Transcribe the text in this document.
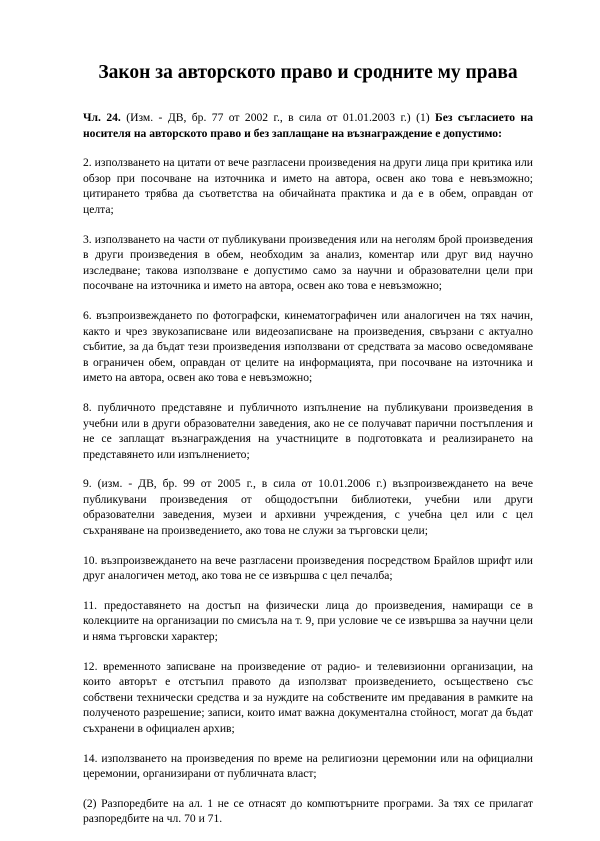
Закон за авторското право и сродните му права

Чл. 24. (Изм. - ДВ, бр. 77 от 2002 г., в сила от 01.01.2003 г.) (1) Без съгласието на носителя на авторското право и без заплащане на възнаграждение е допустимо:

2. използването на цитати от вече разгласени произведения на други лица при критика или обзор при посочване на източника и името на автора, освен ако това е невъзможно; цитирането трябва да съответства на обичайната практика и да е в обем, оправдан от целта;

3. използването на части от публикувани произведения или на неголям брой произведения в други произведения в обем, необходим за анализ, коментар или друг вид научно изследване; такова използване е допустимо само за научни и образователни цели при посочване на източника и името на автора, освен ако това е невъзможно;

6. възпроизвеждането по фотографски, кинематографичен или аналогичен на тях начин, както и чрез звукозаписване или видеозаписване на произведения, свързани с актуално събитие, за да бъдат тези произведения използвани от средствата за масово осведомяване в ограничен обем, оправдан от целите на информацията, при посочване на източника и името на автора, освен ако това е невъзможно;

8. публичното представяне и публичното изпълнение на публикувани произведения в учебни или в други образователни заведения, ако не се получават парични постъпления и не се заплащат възнаграждения на участниците в подготовката и реализирането на представянето или изпълнението;

9. (изм. - ДВ, бр. 99 от 2005 г., в сила от 10.01.2006 г.) възпроизвеждането на вече публикувани произведения от общодостъпни библиотеки, учебни или други образователни заведения, музеи и архивни учреждения, с учебна цел или с цел съхраняване на произведението, ако това не служи за търговски цели;

10. възпроизвеждането на вече разгласени произведения посредством Брайлов шрифт или друг аналогичен метод, ако това не се извършва с цел печалба;

11. предоставянето на достъп на физически лица до произведения, намиращи се в колекциите на организации по смисъла на т. 9, при условие че се извършва за научни цели и няма търговски характер;

12. временното записване на произведение от радио- и телевизионни организации, на които авторът е отстъпил правото да използват произведението, осъществено със собствени технически средства и за нуждите на собствените им предавания в рамките на полученото разрешение; записи, които имат важна документална стойност, могат да бъдат съхранени в официален архив;

14. използването на произведения по време на религиозни церемонии или на официални церемонии, организирани от публичната власт;

(2) Разпоредбите на ал. 1 не се отнасят до компютърните програми. За тях се прилагат разпоредбите на чл. 70 и 71.
